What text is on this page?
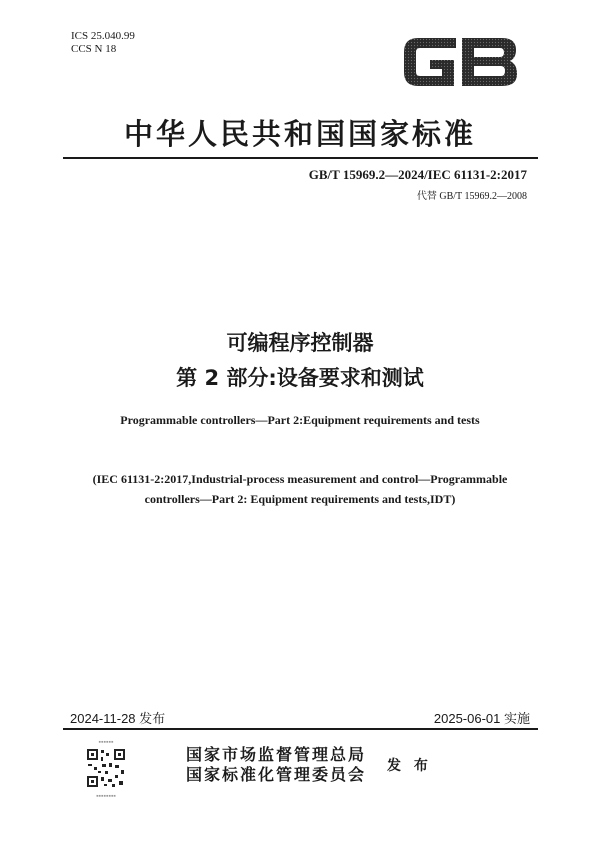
ICS 25.040.99
CCS N 18
中华人民共和国国家标准
GB/T 15969.2—2024/IEC 61131-2:2017
代替 GB/T 15969.2—2008
可编程序控制器
第 2 部分:设备要求和测试
Programmable controllers—Part 2:Equipment requirements and tests
(IEC 61131-2:2017,Industrial-process measurement and control—Programmable
controllers—Part 2: Equipment requirements and tests,IDT)
2024-11-28 发布	2025-06-01 实施
▪▪▪▪▪▪
▪▪▪▪▪▪▪▪
国家市场监督管理总局
国家标准化管理委员会 发 布
